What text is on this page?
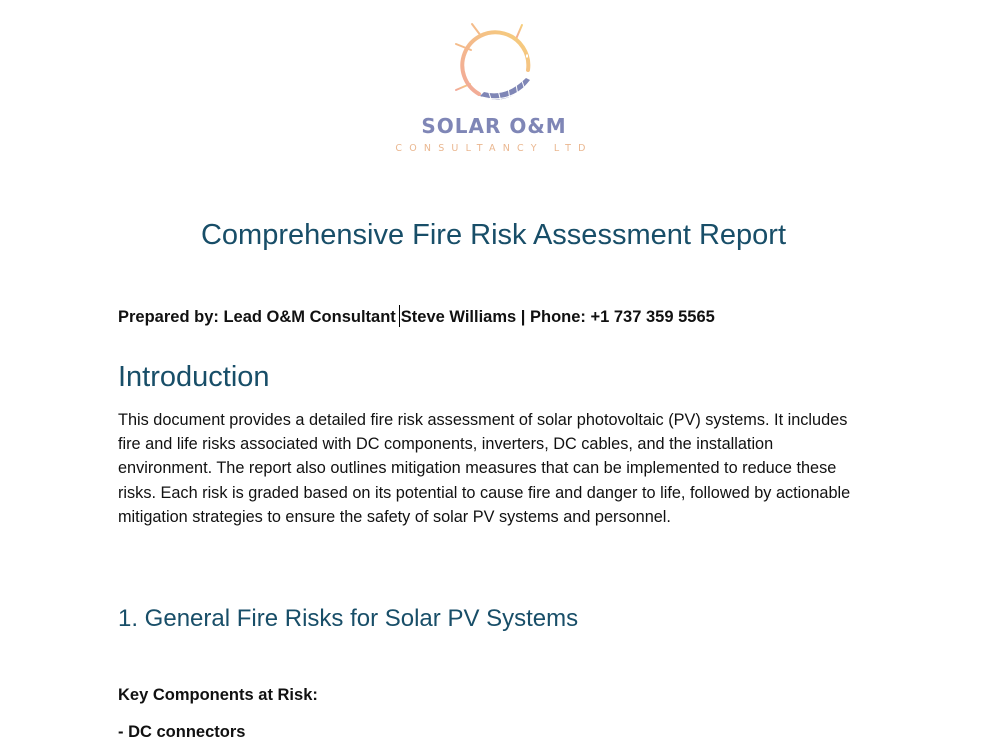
SOLAR O&M
CONSULTANCY LTD
Comprehensive Fire Risk Assessment Report
Prepared by: Lead O&M Consultant Steve Williams | Phone: +1 737 359 5565
Introduction

This document provides a detailed fire risk assessment of solar photovoltaic (PV) systems. It includes fire and life risks associated with DC components, inverters, DC cables, and the installation environment. The report also outlines mitigation measures that can be implemented to reduce these risks. Each risk is graded based on its potential to cause fire and danger to life, followed by actionable mitigation strategies to ensure the safety of solar PV systems and personnel.

1. General Fire Risks for Solar PV Systems
Key Components at Risk:
- DC connectors
